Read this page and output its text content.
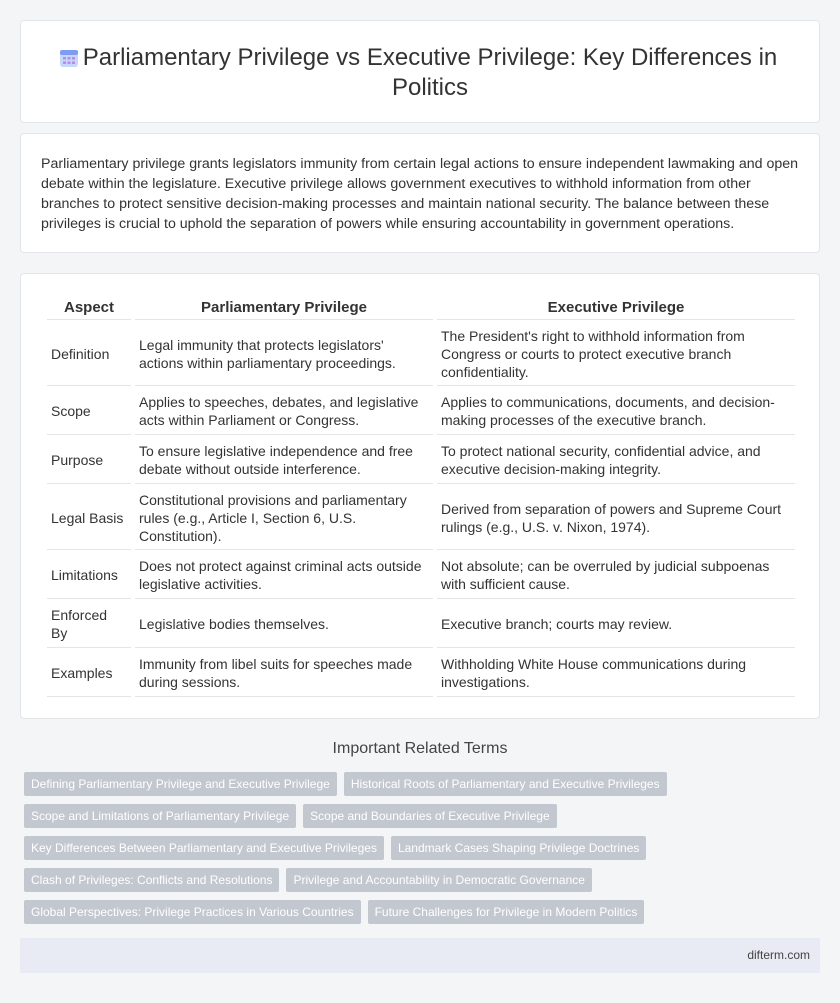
Parliamentary Privilege vs Executive Privilege: Key Differences in Politics

Parliamentary privilege grants legislators immunity from certain legal actions to ensure independent lawmaking and open debate within the legislature. Executive privilege allows government executives to withhold information from other branches to protect sensitive decision-making processes and maintain national security. The balance between these privileges is crucial to uphold the separation of powers while ensuring accountability in government operations.

Aspect	Parliamentary Privilege	Executive Privilege
Definition	Legal immunity that protects legislators' actions within parliamentary proceedings.	The President's right to withhold information from Congress or courts to protect executive branch confidentiality.
Scope	Applies to speeches, debates, and legislative acts within Parliament or Congress.	Applies to communications, documents, and decision-making processes of the executive branch.
Purpose	To ensure legislative independence and free debate without outside interference.	To protect national security, confidential advice, and executive decision-making integrity.
Legal Basis	Constitutional provisions and parliamentary rules (e.g., Article I, Section 6, U.S. Constitution).	Derived from separation of powers and Supreme Court rulings (e.g., U.S. v. Nixon, 1974).
Limitations	Does not protect against criminal acts outside legislative activities.	Not absolute; can be overruled by judicial subpoenas with sufficient cause.
Enforced By	Legislative bodies themselves.	Executive branch; courts may review.
Examples	Immunity from libel suits for speeches made during sessions.	Withholding White House communications during investigations.
Important Related Terms
Defining Parliamentary Privilege and Executive Privilege Historical Roots of Parliamentary and Executive Privileges
Scope and Limitations of Parliamentary Privilege Scope and Boundaries of Executive Privilege
Key Differences Between Parliamentary and Executive Privileges Landmark Cases Shaping Privilege Doctrines
Clash of Privileges: Conflicts and Resolutions Privilege and Accountability in Democratic Governance
Global Perspectives: Privilege Practices in Various Countries Future Challenges for Privilege in Modern Politics
difterm.com
